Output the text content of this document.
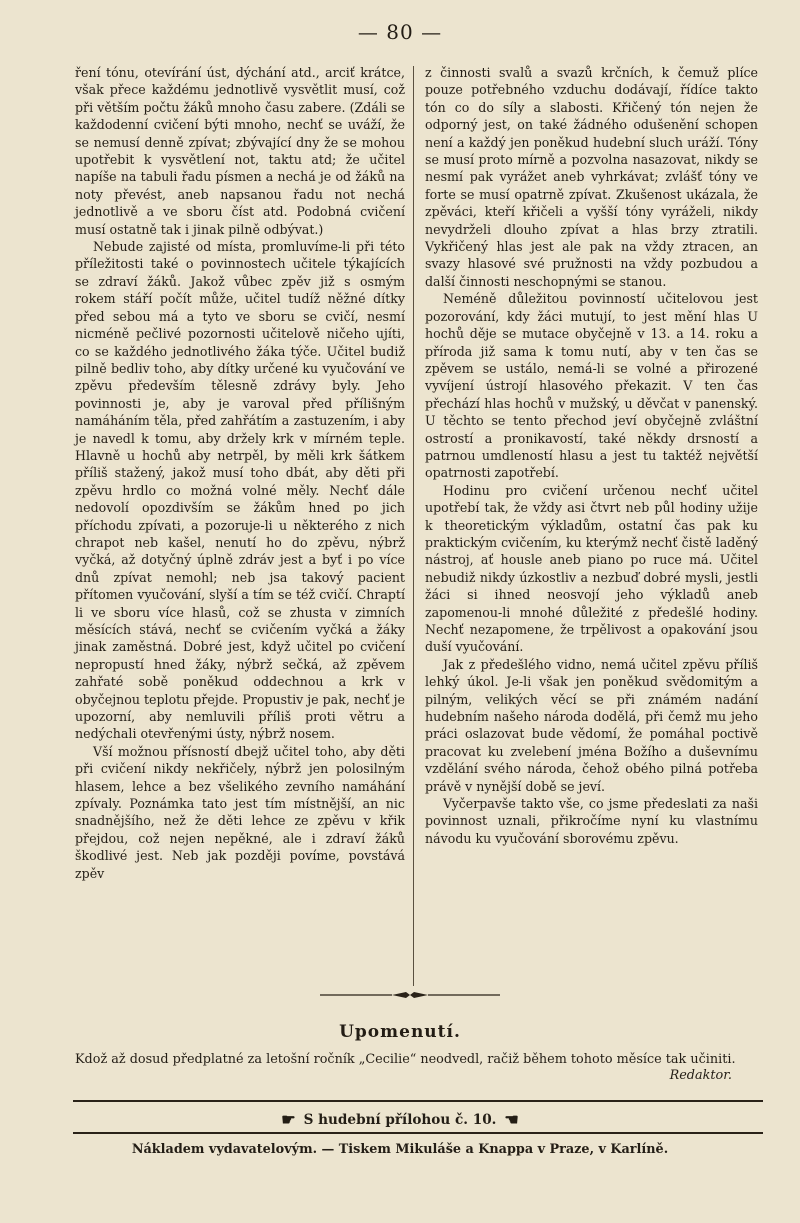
— 80 —

ření tónu, otevírání úst, dýchání atd., arciť krátce, však přece každému jednotlivě vysvětlit musí, což při větším počtu žáků mnoho času zabere. (Zdáli se každodenní cvičení býti mnoho, nechť se uváží, že se nemusí denně zpívat; zbývající dny že se mohou upotřebit k vysvětlení not, taktu atd; že učitel napíše na tabuli řadu písmen a nechá je od žáků na noty převést, aneb napsanou řadu not nechá jednotlivě a ve sboru číst atd. Podobná cvičení musí ostatně tak i jinak pilně odbývat.)

Nebude zajisté od místa, promluvíme-li při této příležitosti také o povinnostech učitele týkajících se zdraví žáků. Jakož vůbec zpěv již s osmým rokem stáří počít může, učitel tudíž něžné dítky před sebou má a tyto ve sboru se cvičí, nesmí nicméně pečlivé pozornosti učitelově ničeho ujíti, co se každého jednotlivého žáka týče. Učitel budiž pilně bedliv toho, aby dítky určené ku vyučování ve zpěvu především tělesně zdrávy byly. Jeho povinnosti je, aby je varoval před přílišným namáháním těla, před zahřátím a zastuzením, i aby je navedl k tomu, aby držely krk v mírném teple. Hlavně u hochů aby netrpěl, by měli krk šátkem příliš stažený, jakož musí toho dbát, aby děti při zpěvu hrdlo co možná volné měly. Nechť dále nedovolí opozdivším se žákům hned po jich příchodu zpívati, a pozoruje-li u některého z nich chrapot neb kašel, nenutí ho do zpěvu, nýbrž vyčká, až dotyčný úplně zdráv jest a byť i po více dnů zpívat nemohl; neb jsa takový pacient přítomen vyučování, slyší a tím se též cvičí. Chraptí li ve sboru více hlasů, což se zhusta v zimních měsících stává, nechť se cvičením vyčká a žáky jinak zaměstná. Dobré jest, když učitel po cvičení nepropustí hned žáky, nýbrž sečká, až zpěvem zahřaté sobě poněkud oddechnou a krk v obyčejnou teplotu přejde. Propustiv je pak, nechť je upozorní, aby nemluvili příliš proti větru a nedýchali otevřenými ústy, nýbrž nosem.

Vší možnou přísností dbejž učitel toho, aby děti při cvičení nikdy nekřičely, nýbrž jen polosilným hlasem, lehce a bez všelikého zevního namáhání zpívaly. Poznámka tato jest tím místnější, an nic snadnějšího, než že děti lehce ze zpěvu v křik přejdou, což nejen nepěkné, ale i zdraví žáků škodlivé jest. Neb jak později povíme, povstává zpěv

z činnosti svalů a svazů krčních, k čemuž plíce pouze potřebného vzduchu dodávají, řídíce takto tón co do síly a slabosti. Křičený tón nejen že odporný jest, on také žádného odušenění schopen není a každý jen poněkud hudební sluch uráží. Tóny se musí proto mírně a pozvolna nasazovat, nikdy se nesmí pak vyrážet aneb vyhrkávat; zvlášť tóny ve forte se musí opatrně zpívat. Zkušenost ukázala, že zpěváci, kteří křičeli a vyšší tóny vyráželi, nikdy nevydrželi dlouho zpívat a hlas brzy ztratili. Vykřičený hlas jest ale pak na vždy ztracen, an svazy hlasové své pružnosti na vždy pozbudou a další činnosti neschopnými se stanou.

Neméně důležitou povinností učitelovou jest pozorování, kdy žáci mutují, to jest mění hlas U hochů děje se mutace obyčejně v 13. a 14. roku a příroda již sama k tomu nutí, aby v ten čas se zpěvem se ustálo, nemá-li se volné a přirozené vyvíjení ústrojí hlasového překazit. V ten čas přechází hlas hochů v mužský, u děvčat v panenský. U těchto se tento přechod jeví obyčejně zvláštní ostrostí a pronikavostí, také někdy drsností a patrnou umdleností hlasu a jest tu taktéž největší opatrnosti zapotřebí.

Hodinu pro cvičení určenou nechť učitel upotřebí tak, že vždy asi čtvrt neb půl hodiny užije k theoretickým výkladům, ostatní čas pak ku praktickým cvičením, ku kterýmž nechť čistě laděný nástroj, ať housle aneb piano po ruce má. Učitel nebudiž nikdy úzkostliv a nezbuď dobré mysli, jestli žáci si ihned neosvojí jeho výkladů aneb zapomenou-li mnohé důležité z předešlé hodiny. Nechť nezapomene, že trpělivost a opakování jsou duší vyučování.

Jak z předešlého vidno, nemá učitel zpěvu příliš lehký úkol. Je-li však jen poněkud svědomitým a pilným, velikých věcí se při známém nadání hudebním našeho národa dodělá, při čemž mu jeho práci oslazovat bude vědomí, že pomáhal poctivě pracovat ku zvelebení jména Božího a duševnímu vzdělání svého národa, čehož obého pilná potřeba právě v nynější době se jeví.

Vyčerpavše takto vše, co jsme předeslati za naši povinnost uznali, přikročíme nyní ku vlastnímu návodu ku vyučování sborovému zpěvu.

Upomenutí.
Kdož až dosud předplatné za letošní ročník „Cecilie“ neodvedl, račiž během tohoto měsíce tak učiniti.
Redaktor.
☛ S hudební přílohou č. 10. ☚
Nákladem vydavatelovým. — Tiskem Mikuláše a Knappa v Praze, v Karlíně.
